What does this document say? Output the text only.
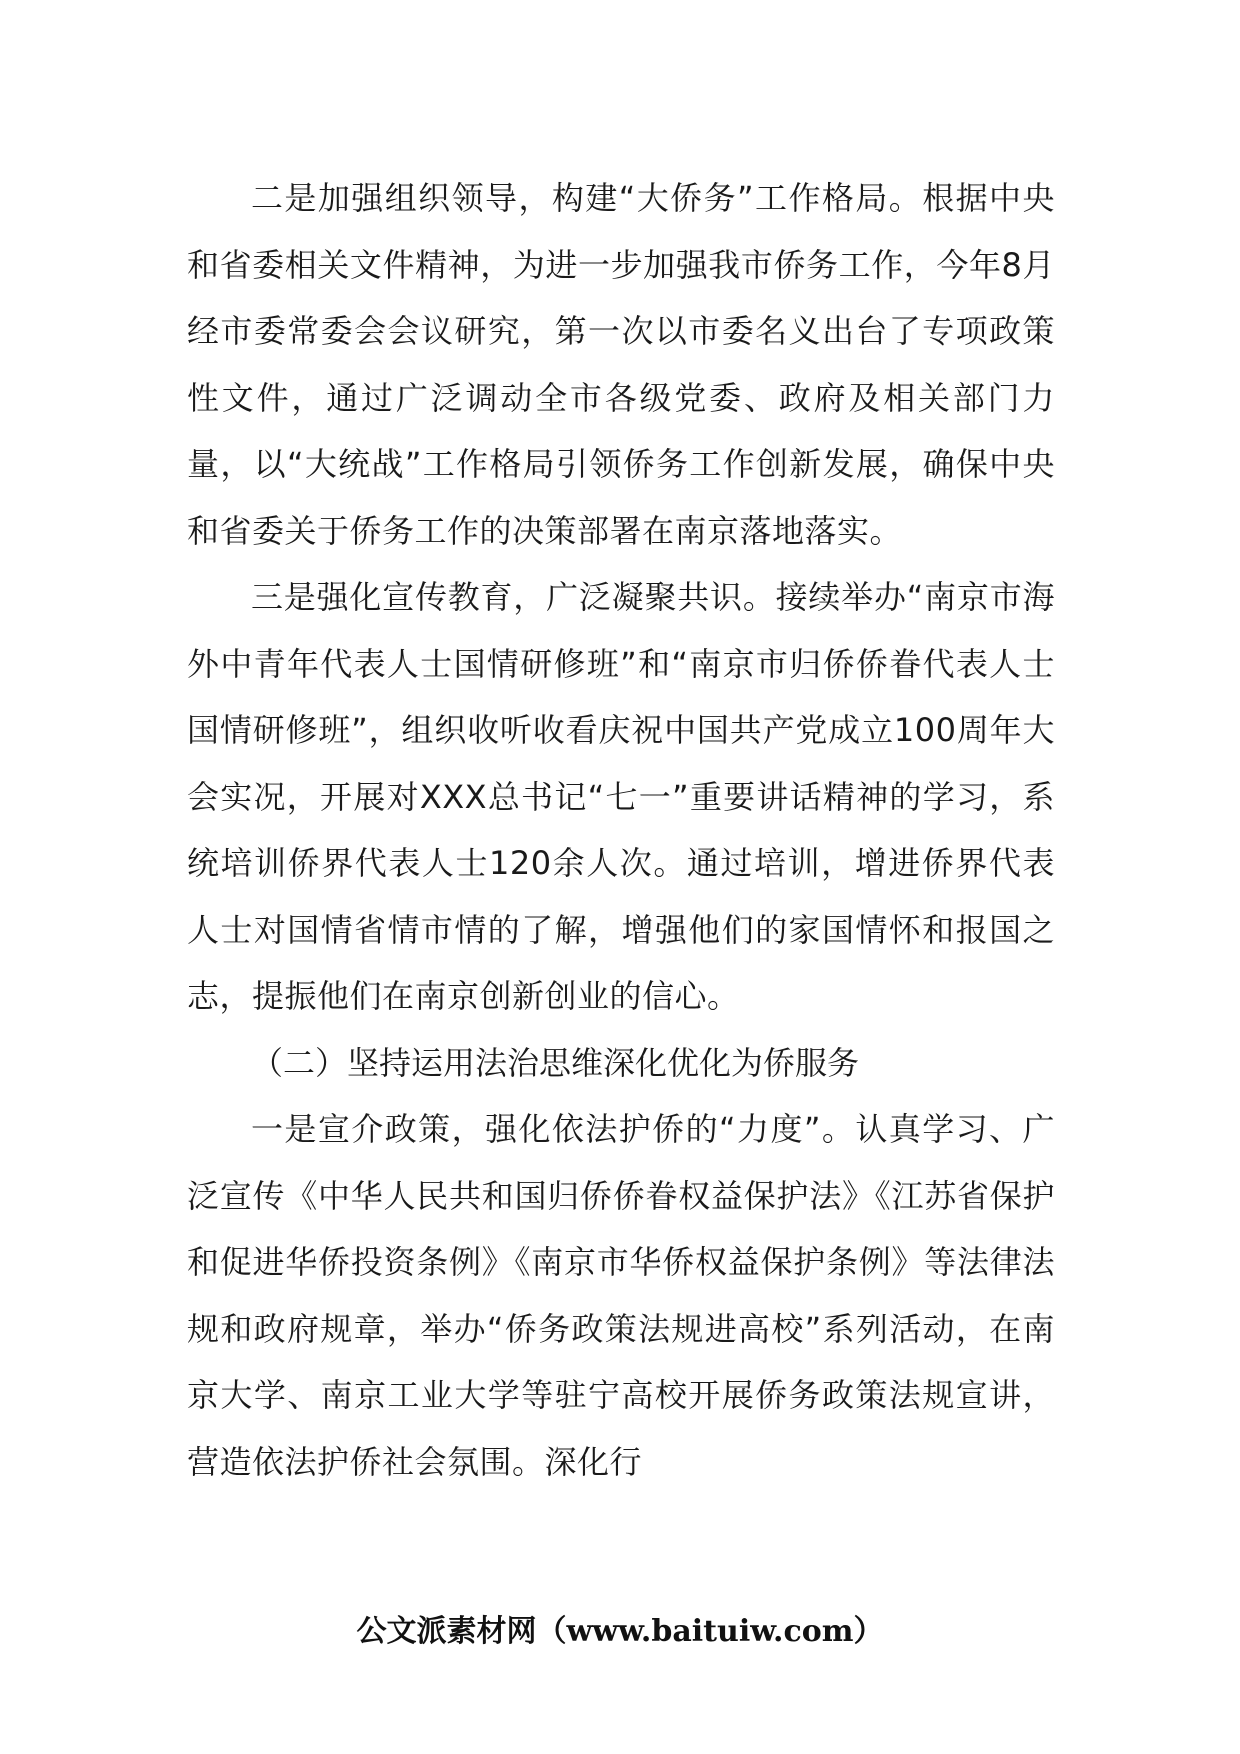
二是加强组织领导，构建“大侨务”工作格局。根据中央和省委相关文件精神，为进一步加强我市侨务工作，今年8月经市委常委会会议研究，第一次以市委名义出台了专项政策性文件，通过广泛调动全市各级党委、政府及相关部门力量，以“大统战”工作格局引领侨务工作创新发展，确保中央和省委关于侨务工作的决策部署在南京落地落实。

三是强化宣传教育，广泛凝聚共识。接续举办“南京市海外中青年代表人士国情研修班”和“南京市归侨侨眷代表人士国情研修班”，组织收听收看庆祝中国共产党成立100周年大会实况，开展对XXX总书记“七一”重要讲话精神的学习，系统培训侨界代表人士120余人次。通过培训，增进侨界代表人士对国情省情市情的了解，增强他们的家国情怀和报国之志，提振他们在南京创新创业的信心。

（二）坚持运用法治思维深化优化为侨服务

一是宣介政策，强化依法护侨的“力度”。认真学习、广泛宣传《中华人民共和国归侨侨眷权益保护法》《江苏省保护和促进华侨投资条例》《南京市华侨权益保护条例》等法律法规和政府规章，举办“侨务政策法规进高校”系列活动，在南京大学、南京工业大学等驻宁高校开展侨务政策法规宣讲，营造依法护侨社会氛围。深化行

公文派素材网（www.baituiw.com）
